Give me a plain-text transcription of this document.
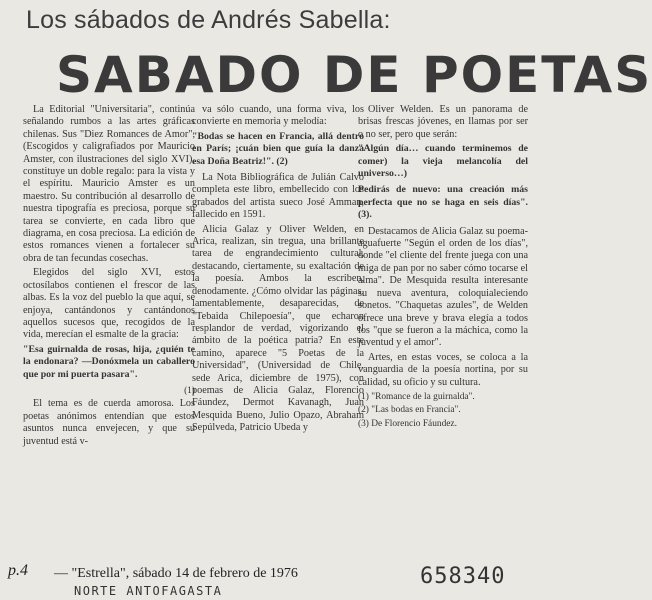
Los sábados de Andrés Sabella:
SABADO DE POETAS

La Editorial "Universitaria", continúa señalando rumbos a las artes gráficas chilenas. Sus "Diez Romances de Amor", (Escogidos y caligrafiados por Mauricio Amster, con ilustraciones del siglo XVI), constituye un doble regalo: para la vista y el espíritu. Mauricio Amster es un maestro. Su contribución al desarrollo de nuestra tipografía es preciosa, porque su tarea se convierte, en cada libro que diagrama, en cosa preciosa. La edición de estos romances vienen a fortalecer su obra de tan fecundas cosechas.

Elegidos del siglo XVI, estos octosílabos contienen el frescor de las albas. Es la voz del pueblo la que aquí, se enjoya, cantándonos y cantándonos aquellos sucesos que, recogidos de la vida, merecían el esmalte de la gracia:

"Esa guirnalda de rosas, hija, ¿quién te la endonara? —Donóxmela un caballero que por mi puerta pasara".

(1)

El tema es de cuerda amorosa. Los poetas anónimos entendían que estos asuntos nunca envejecen, y que su juventud está v-

va sólo cuando, una forma viva, los convierte en memoria y melodía:

"Bodas se hacen en Francia, allá dentro en París; ¡cuán bien que guía la danza esa Doña Beatriz!". (2)

La Nota Bibliográfica de Julián Calvo completa este libro, embellecido con los grabados del artista sueco José Amman, fallecido en 1591.

Alicia Galaz y Oliver Welden, en Arica, realizan, sin tregua, una brillante tarea de engrandecimiento cultural, destacando, ciertamente, su exaltación de la poesía. Ambos la escriben, denodamente. ¿Cómo olvidar las páginas, lamentablemente, desaparecidas, de "Tebaida Chilepoesía", que echaron resplandor de verdad, vigorizando el ámbito de la poética patria? En este camino, aparece "5 Poetas de la Universidad", (Universidad de Chile, sede Arica, diciembre de 1975), con poemas de Alicia Galaz, Florencio Fáundez, Dermot Kavanagh, Juan Mesquida Bueno, Julio Opazo, Abraham Sepúlveda, Patricio Ubeda y

Oliver Welden. Es un panorama de brisas frescas jóvenes, en llamas por ser o no ser, pero que serán:

"Algún día… cuando terminemos de comer) la vieja melancolía del universo…)

Pedirás de nuevo: una creación más perfecta que no se haga en seis días". (3).

Destacamos de Alicia Galaz su poema-aguafuerte "Según el orden de los días", donde "el cliente del frente juega con una miga de pan por no saber cómo tocarse el alma". De Mesquida resulta interesante su nueva aventura, coloquialeciendo sonetos. "Chaquetas azules", de Welden ofrece una breve y brava elegía a todos los "que se fueron a la máchica, como la juventud y el amor".

Artes, en estas voces, se coloca a la vanguardia de la poesía nortina, por su calidad, su oficio y su cultura.

(1) "Romance de la guirnalda".

(2) "Las bodas en Francia".

(3) De Florencio Fáundez.

p.4 — "Estrella", sábado 14 de febrero de 1976	658340
NORTE ANTOFAGASTA
